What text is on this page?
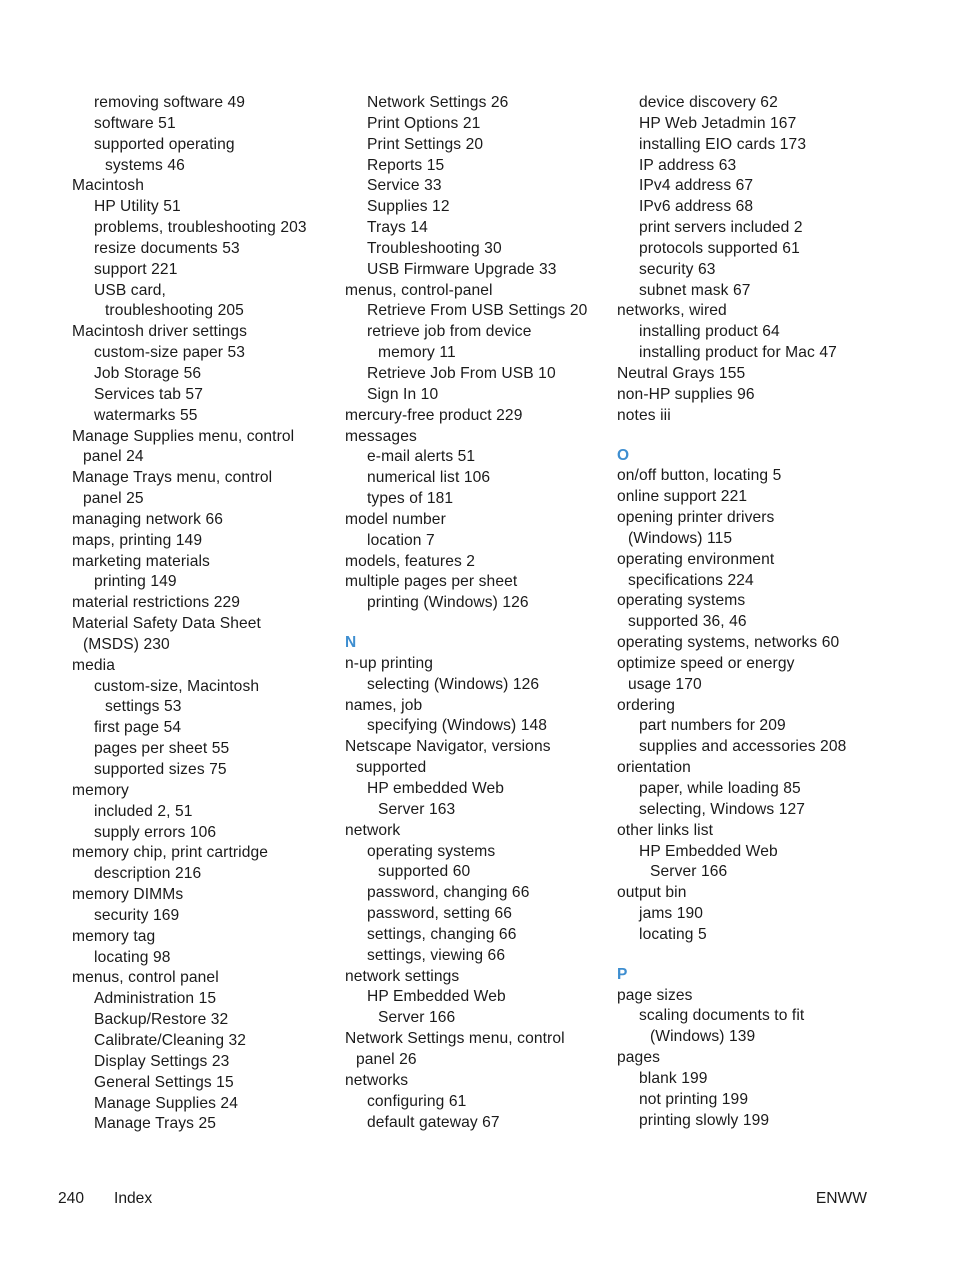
removing software 49
software 51
supported operating
systems 46
Macintosh
HP Utility 51
problems, troubleshooting 203
resize documents 53
support 221
USB card,
troubleshooting 205
Macintosh driver settings
custom-size paper 53
Job Storage 56
Services tab 57
watermarks 55
Manage Supplies menu, control
panel 24
Manage Trays menu, control
panel 25
managing network 66
maps, printing 149
marketing materials
printing 149
material restrictions 229
Material Safety Data Sheet
(MSDS) 230
media
custom-size, Macintosh
settings 53
first page 54
pages per sheet 55
supported sizes 75
memory
included 2, 51
supply errors 106
memory chip, print cartridge
description 216
memory DIMMs
security 169
memory tag
locating 98
menus, control panel
Administration 15
Backup/Restore 32
Calibrate/Cleaning 32
Display Settings 23
General Settings 15
Manage Supplies 24
Manage Trays 25
Network Settings 26
Print Options 21
Print Settings 20
Reports 15
Service 33
Supplies 12
Trays 14
Troubleshooting 30
USB Firmware Upgrade 33
menus, control-panel
Retrieve From USB Settings 20
retrieve job from device
memory 11
Retrieve Job From USB 10
Sign In 10
mercury-free product 229
messages
e-mail alerts 51
numerical list 106
types of 181
model number
location 7
models, features 2
multiple pages per sheet
printing (Windows) 126
N
n-up printing
selecting (Windows) 126
names, job
specifying (Windows) 148
Netscape Navigator, versions
supported
HP embedded Web
Server 163
network
operating systems
supported 60
password, changing 66
password, setting 66
settings, changing 66
settings, viewing 66
network settings
HP Embedded Web
Server 166
Network Settings menu, control
panel 26
networks
configuring 61
default gateway 67
device discovery 62
HP Web Jetadmin 167
installing EIO cards 173
IP address 63
IPv4 address 67
IPv6 address 68
print servers included 2
protocols supported 61
security 63
subnet mask 67
networks, wired
installing product 64
installing product for Mac 47
Neutral Grays 155
non-HP supplies 96
notes iii
O
on/off button, locating 5
online support 221
opening printer drivers
(Windows) 115
operating environment
specifications 224
operating systems
supported 36, 46
operating systems, networks 60
optimize speed or energy
usage 170
ordering
part numbers for 209
supplies and accessories 208
orientation
paper, while loading 85
selecting, Windows 127
other links list
HP Embedded Web
Server 166
output bin
jams 190
locating 5
P
page sizes
scaling documents to fit
(Windows) 139
pages
blank 199
not printing 199
printing slowly 199
240 Index	ENWW
